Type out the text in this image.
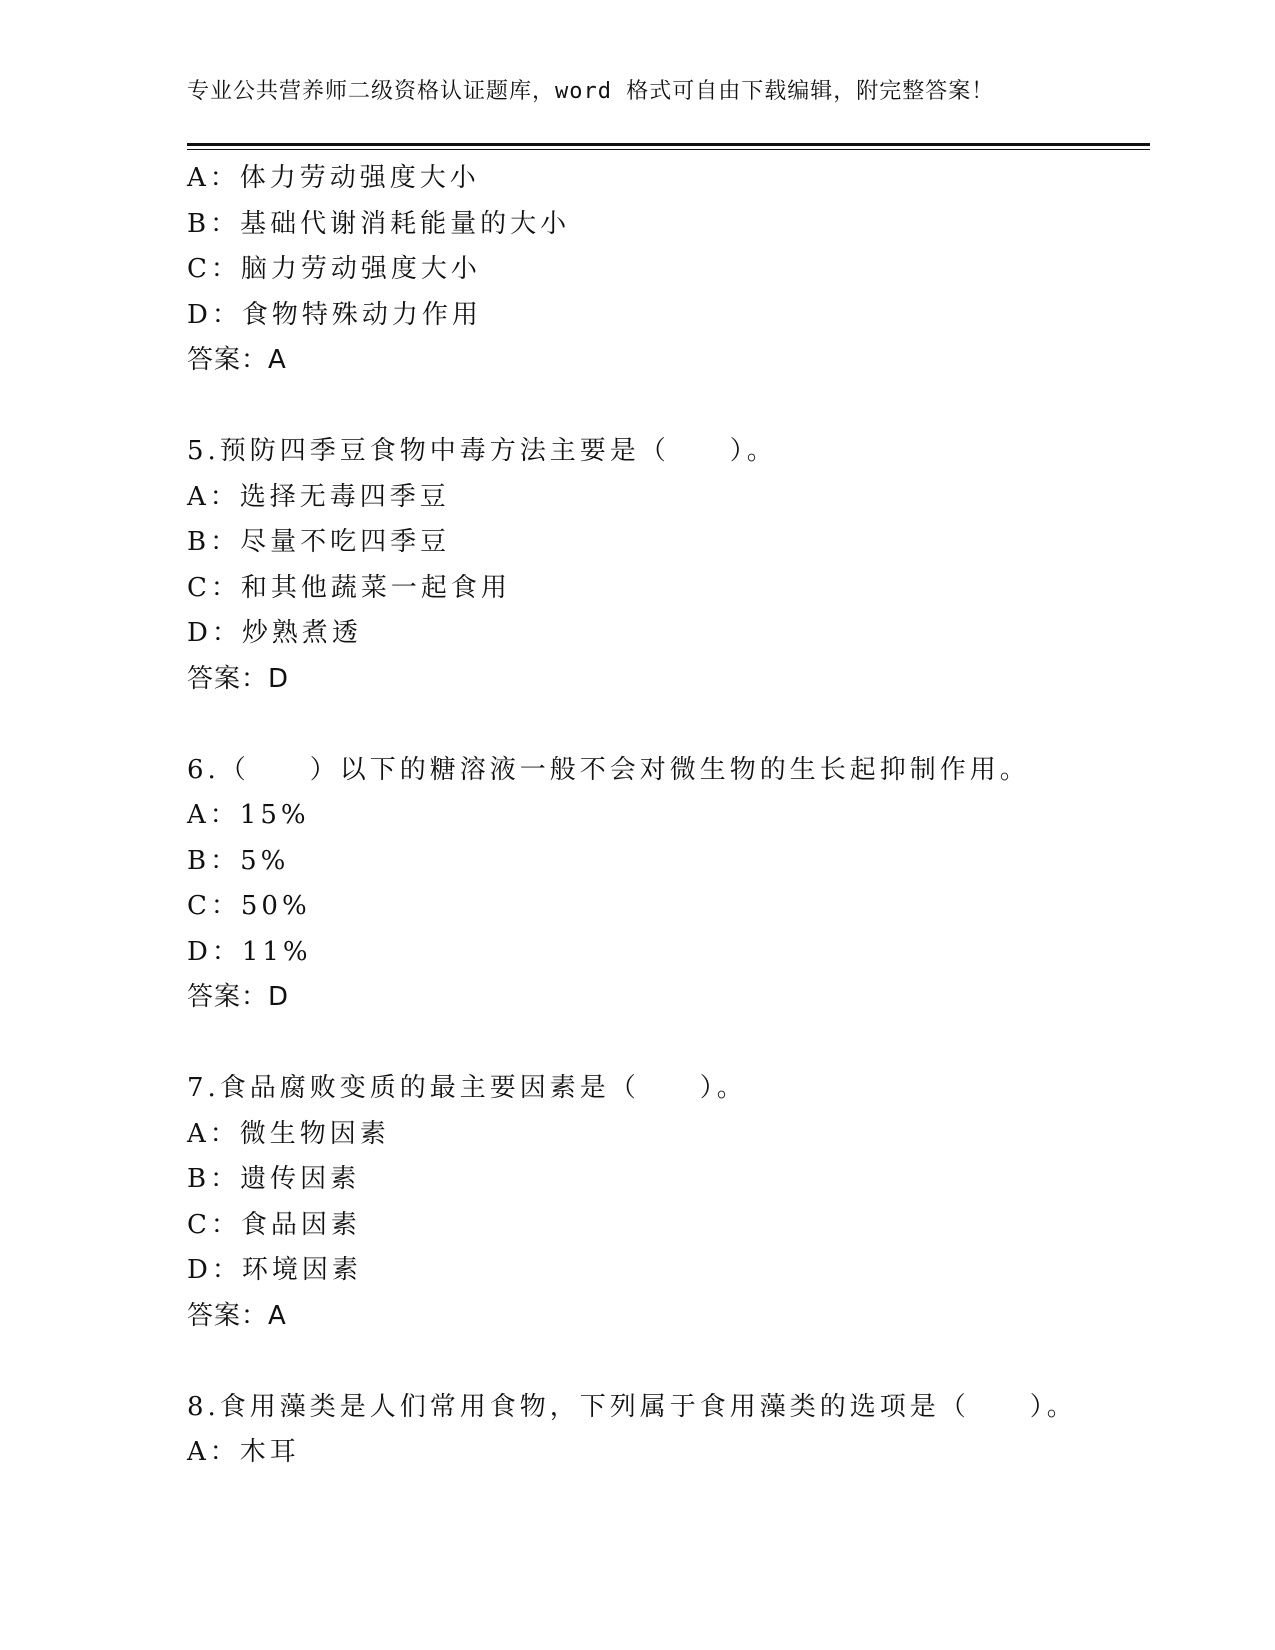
专业公共营养师二级资格认证题库，word 格式可自由下载编辑，附完整答案！
A：体力劳动强度大小
B：基础代谢消耗能量的大小
C：脑力劳动强度大小
D：食物特殊动力作用
答案：A
5.预防四季豆食物中毒方法主要是（　　）。
A：选择无毒四季豆
B：尽量不吃四季豆
C：和其他蔬菜一起食用
D：炒熟煮透
答案：D
6.（　　）以下的糖溶液一般不会对微生物的生长起抑制作用。
A：15%
B：5%
C：50%
D：11%
答案：D
7.食品腐败变质的最主要因素是（　　）。
A：微生物因素
B：遗传因素
C：食品因素
D：环境因素
答案：A
8.食用藻类是人们常用食物，下列属于食用藻类的选项是（　　）。
A：木耳
